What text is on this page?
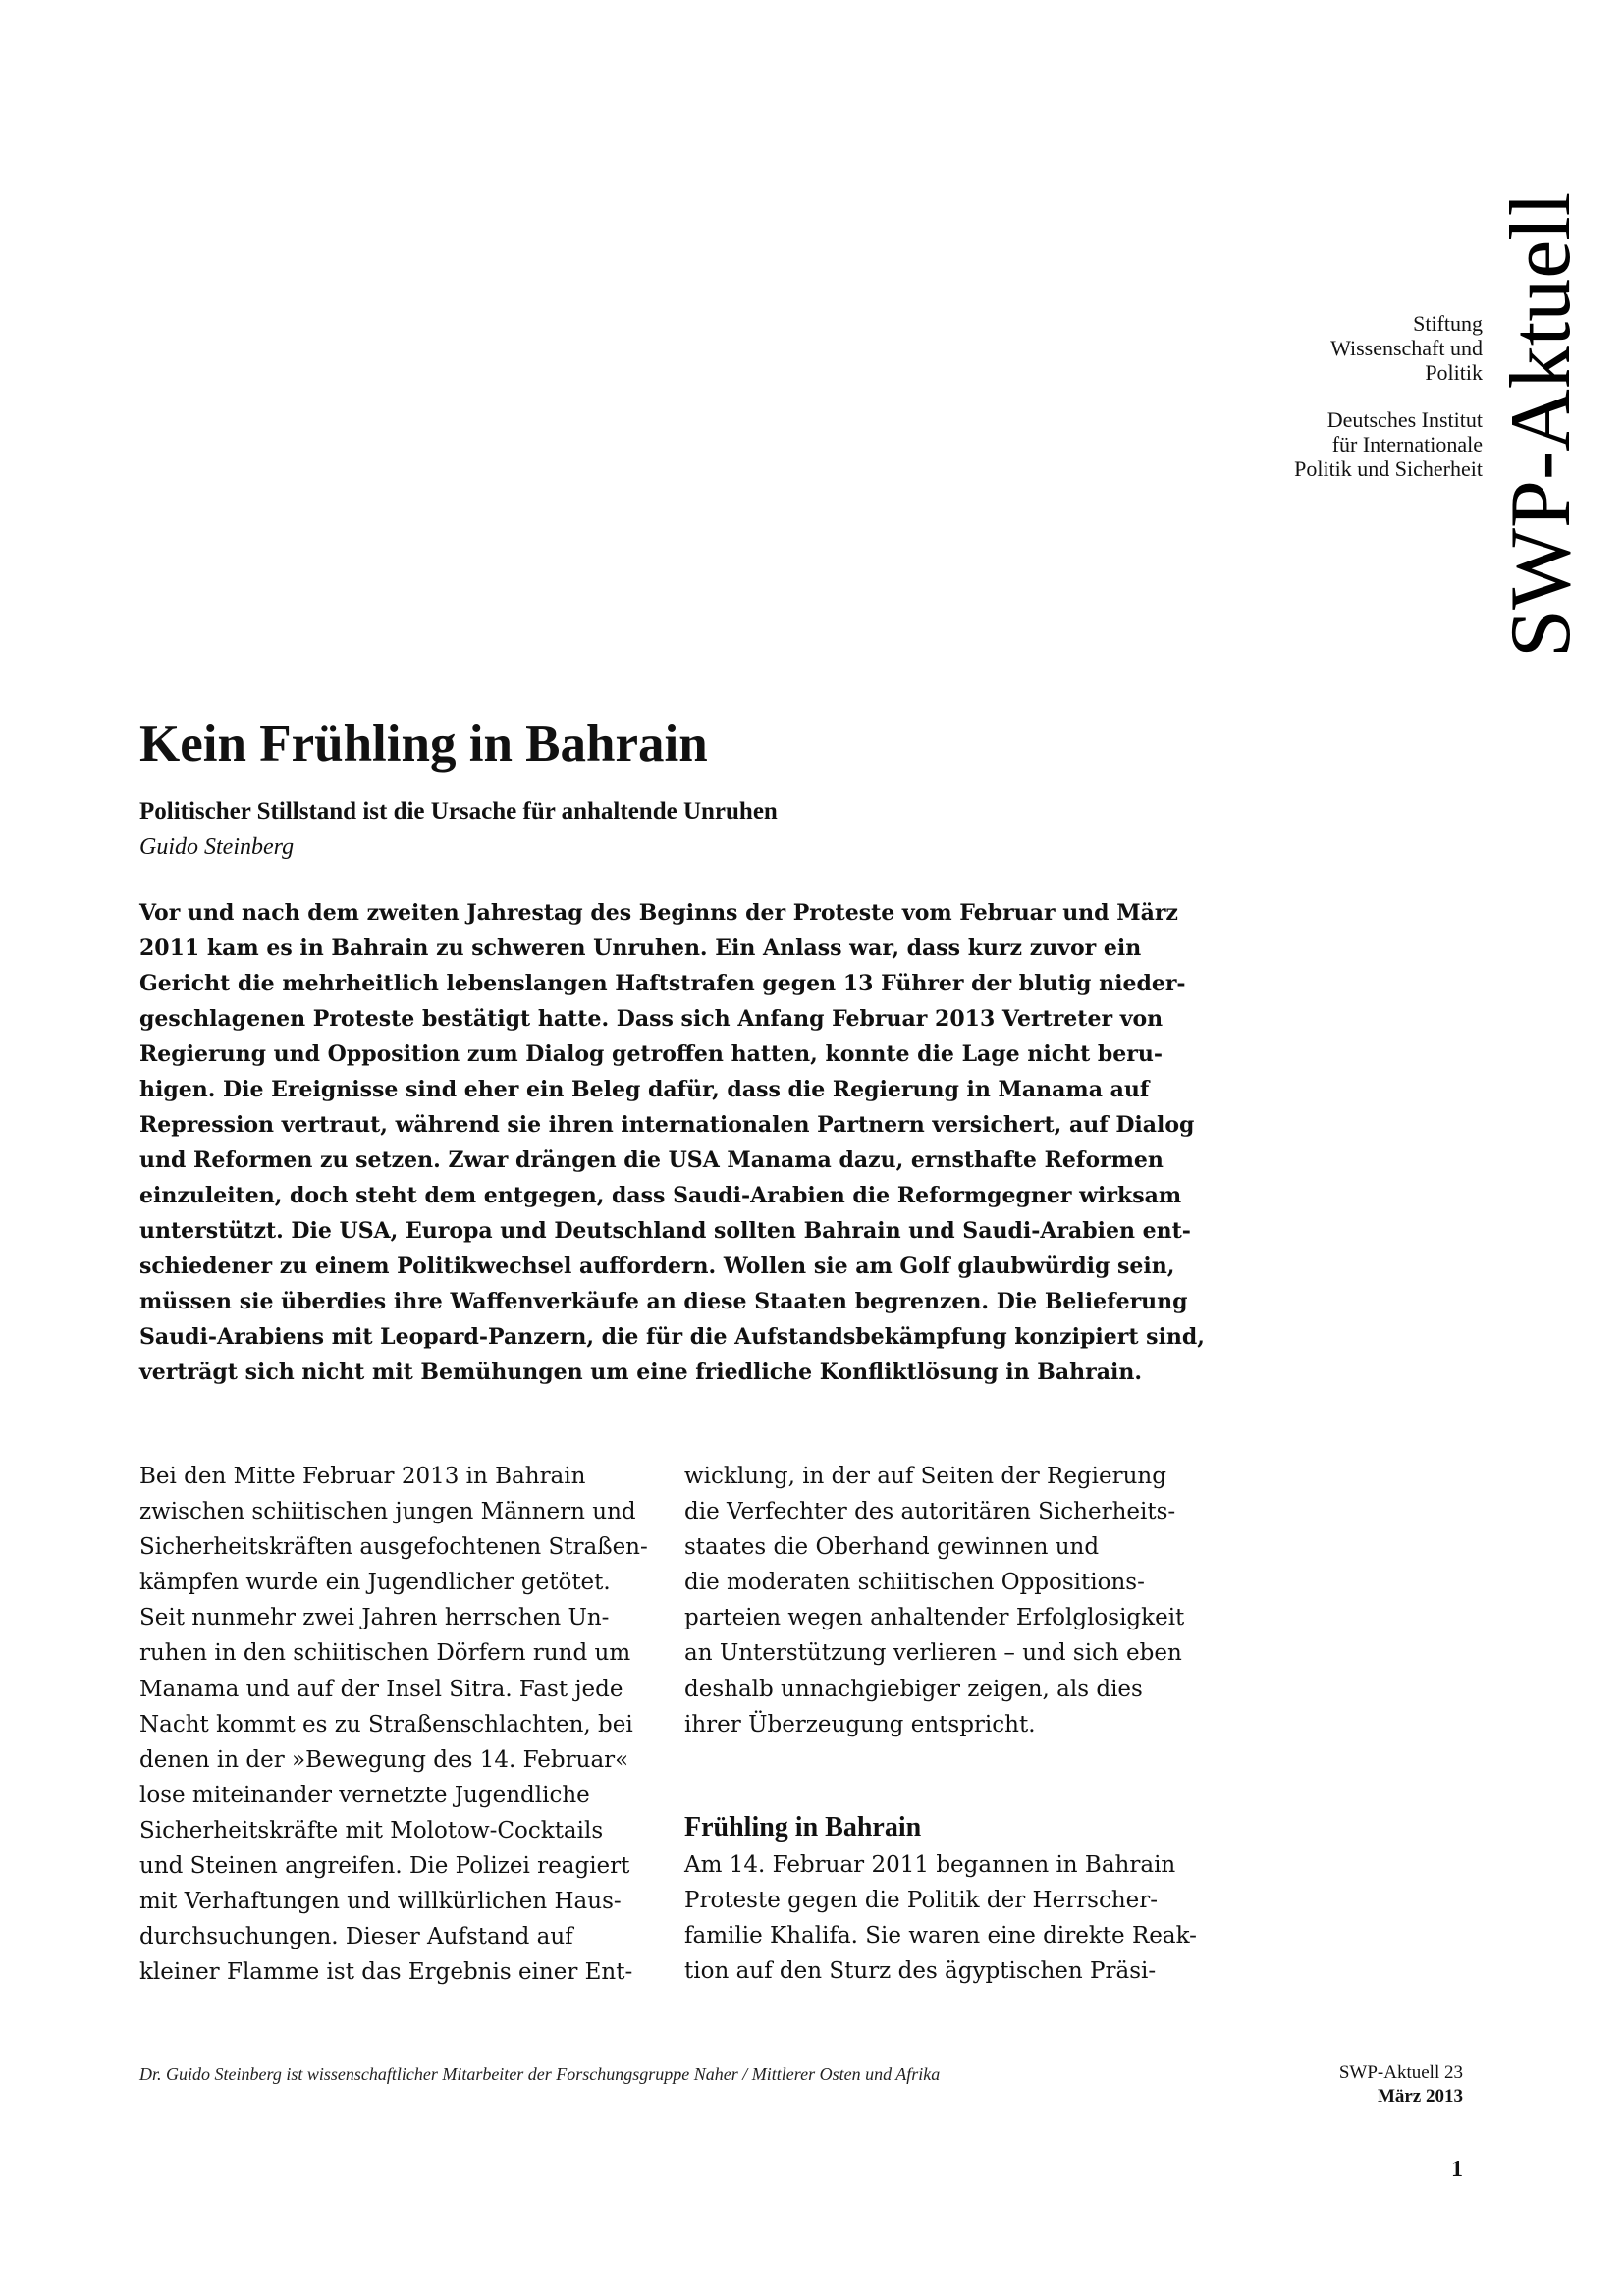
SWP-Aktuell
Stiftung
Wissenschaft und
Politik
Deutsches Institut
für Internationale
Politik und Sicherheit
Kein Frühling in Bahrain
Politischer Stillstand ist die Ursache für anhaltende Unruhen
Guido Steinberg
Vor und nach dem zweiten Jahrestag des Beginns der Proteste vom Februar und März
2011 kam es in Bahrain zu schweren Unruhen. Ein Anlass war, dass kurz zuvor ein
Gericht die mehrheitlich lebenslangen Haftstrafen gegen 13 Führer der blutig nieder-
geschlagenen Proteste bestätigt hatte. Dass sich Anfang Februar 2013 Vertreter von
Regierung und Opposition zum Dialog getroffen hatten, konnte die Lage nicht beru-
higen. Die Ereignisse sind eher ein Beleg dafür, dass die Regierung in Manama auf
Repression vertraut, während sie ihren internationalen Partnern versichert, auf Dialog
und Reformen zu setzen. Zwar drängen die USA Manama dazu, ernsthafte Reformen
einzuleiten, doch steht dem entgegen, dass Saudi-Arabien die Reformgegner wirksam
unterstützt. Die USA, Europa und Deutschland sollten Bahrain und Saudi-Arabien ent-
schiedener zu einem Politikwechsel auffordern. Wollen sie am Golf glaubwürdig sein,
müssen sie überdies ihre Waffenverkäufe an diese Staaten begrenzen. Die Belieferung
Saudi-Arabiens mit Leopard-Panzern, die für die Aufstandsbekämpfung konzipiert sind,
verträgt sich nicht mit Bemühungen um eine friedliche Konfliktlösung in Bahrain.
Bei den Mitte Februar 2013 in Bahrain
zwischen schiitischen jungen Männern und
Sicherheitskräften ausgefochtenen Straßen-
kämpfen wurde ein Jugendlicher getötet.
Seit nunmehr zwei Jahren herrschen Un-
ruhen in den schiitischen Dörfern rund um
Manama und auf der Insel Sitra. Fast jede
Nacht kommt es zu Straßenschlachten, bei
denen in der »Bewegung des 14. Februar«
lose miteinander vernetzte Jugendliche
Sicherheitskräfte mit Molotow-Cocktails
und Steinen angreifen. Die Polizei reagiert
mit Verhaftungen und willkürlichen Haus-
durchsuchungen. Dieser Aufstand auf
kleiner Flamme ist das Ergebnis einer Ent-
wicklung, in der auf Seiten der Regierung
die Verfechter des autoritären Sicherheits-
staates die Oberhand gewinnen und
die moderaten schiitischen Oppositions-
parteien wegen anhaltender Erfolglosigkeit
an Unterstützung verlieren – und sich eben
deshalb unnachgiebiger zeigen, als dies
ihrer Überzeugung entspricht.
Frühling in Bahrain
Am 14. Februar 2011 begannen in Bahrain
Proteste gegen die Politik der Herrscher-
familie Khalifa. Sie waren eine direkte Reak-
tion auf den Sturz des ägyptischen Präsi-
Dr. Guido Steinberg ist wissenschaftlicher Mitarbeiter der Forschungsgruppe Naher / Mittlerer Osten und Afrika	SWP-Aktuell 23
März 2013
1
